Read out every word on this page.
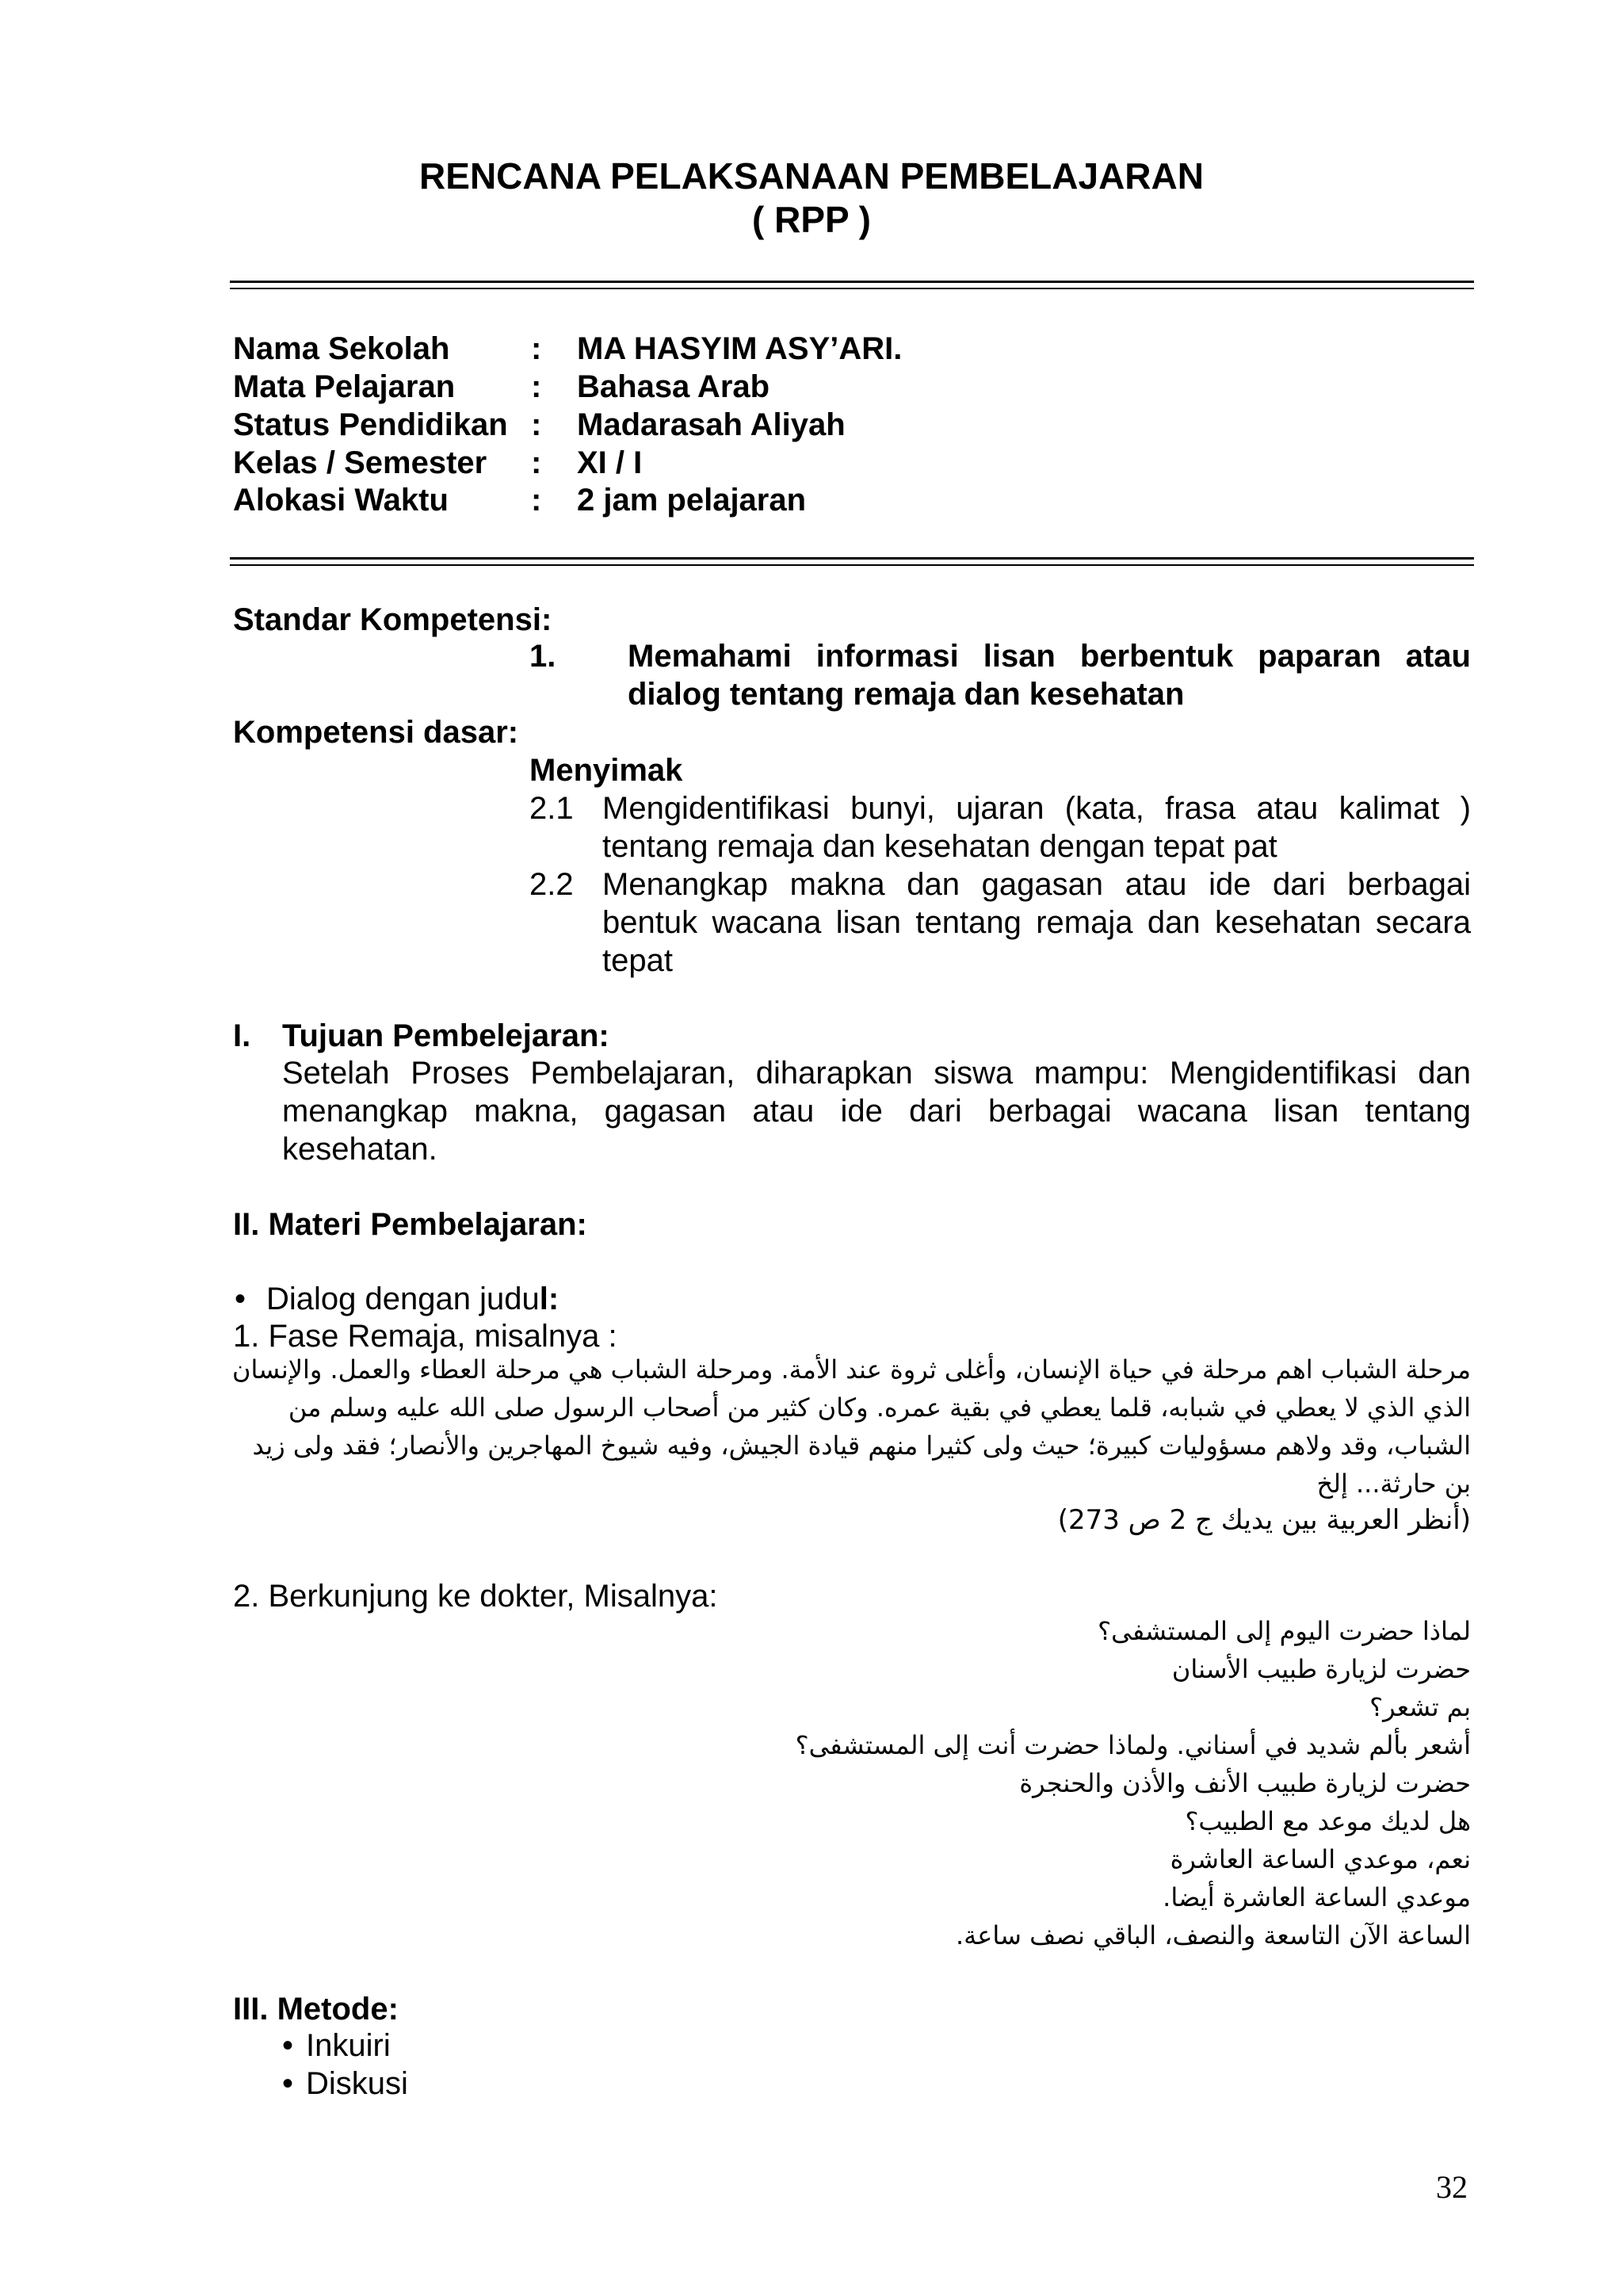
RENCANA PELAKSANAAN PEMBELAJARAN
( RPP )
Nama Sekolah	: MA HASYIM ASY’ARI.
Mata Pelajaran : Bahasa Arab
Status Pendidikan : Madarasah Aliyah
Kelas / Semester : XI / I
Alokasi Waktu	: 2 jam pelajaran
Standar Kompetensi:
1. Memahami informasi lisan berbentuk paparan atau
dialog tentang remaja dan kesehatan
Kompetensi dasar:
Menyimak
2.1 Mengidentifikasi bunyi, ujaran (kata, frasa atau kalimat )
tentang remaja dan kesehatan dengan tepat pat
2.2 Menangkap makna dan gagasan atau ide dari berbagai
bentuk wacana lisan tentang remaja dan kesehatan secara
tepat
I. Tujuan Pembelejaran:
Setelah Proses Pembelajaran, diharapkan siswa mampu: Mengidentifikasi dan
menangkap makna, gagasan atau ide dari berbagai wacana lisan tentang
kesehatan.
II. Materi Pembelajaran:
• Dialog dengan judul:
1. Fase Remaja, misalnya :
مرحلة الشباب اهم مرحلة في حياة الإنسان، وأغلى ثروة عند الأمة. ومرحلة الشباب هي مرحلة العطاء والعمل. والإنسان
الذي الذي لا يعطي في شبابه، قلما يعطي في بقية عمره. وكان كثير من أصحاب الرسول صلى الله عليه وسلم من
الشباب، وقد ولاهم مسؤوليات كبيرة؛ حيث ولى كثيرا منهم قيادة الجيش، وفيه شيوخ المهاجرين والأنصار؛ فقد ولى زيد
بن حارثة... إلخ
(أنظر العربية بين يديك ج 2 ص 273)
2. Berkunjung ke dokter, Misalnya:
لماذا حضرت اليوم إلى المستشفى؟
حضرت لزيارة طبيب الأسنان
بم تشعر؟
أشعر بألم شديد في أسناني. ولماذا حضرت أنت إلى المستشفى؟
حضرت لزيارة طبيب الأنف والأذن والحنجرة
هل لديك موعد مع الطبيب؟
نعم، موعدي الساعة العاشرة
موعدي الساعة العاشرة أيضا.
الساعة الآن التاسعة والنصف، الباقي نصف ساعة.
III. Metode:
• Inkuiri
• Diskusi
32
